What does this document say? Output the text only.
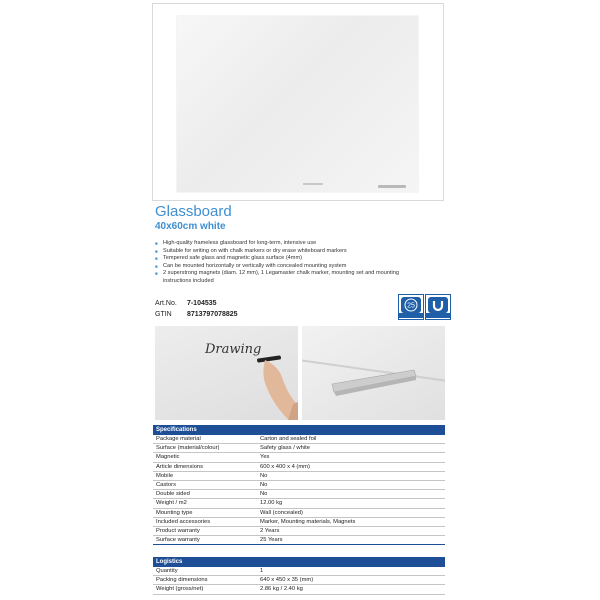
Glassboard
40x60cm white
■ High-quality frameless glassboard for long-term, intensive use
■ Suitable for writing on with chalk markers or dry erase whiteboard markers
■ Tempered safe glass and magnetic glass surface (4mm)
■ Can be mounted horizontally or vertically with concealed mounting system
■ 2 superstrong magnets (diam. 12 mm), 1 Legamaster chalk marker, mounting set and mounting instructions included
Art.No. 7-104535
GTIN 8713797078825
25
Drawing
Specifications	
Package material	Carton and sealed foil
Surface (material/colour)	Safety glass / white
Magnetic	Yes
Article dimensions	600 x 400 x 4 (mm)
Mobile	No
Castors	No
Double sided	No
Weight / m2	12.00 kg
Mounting type	Wall (concealed)
Included accessories	Marker, Mounting materials, Magnets
Product warranty	2 Years
Surface warranty	25 Years
Logistics	
Quantity	1
Packing dimensions	640 x 450 x 35 (mm)
Weight (gross/net)	2.86 kg / 2.40 kg
